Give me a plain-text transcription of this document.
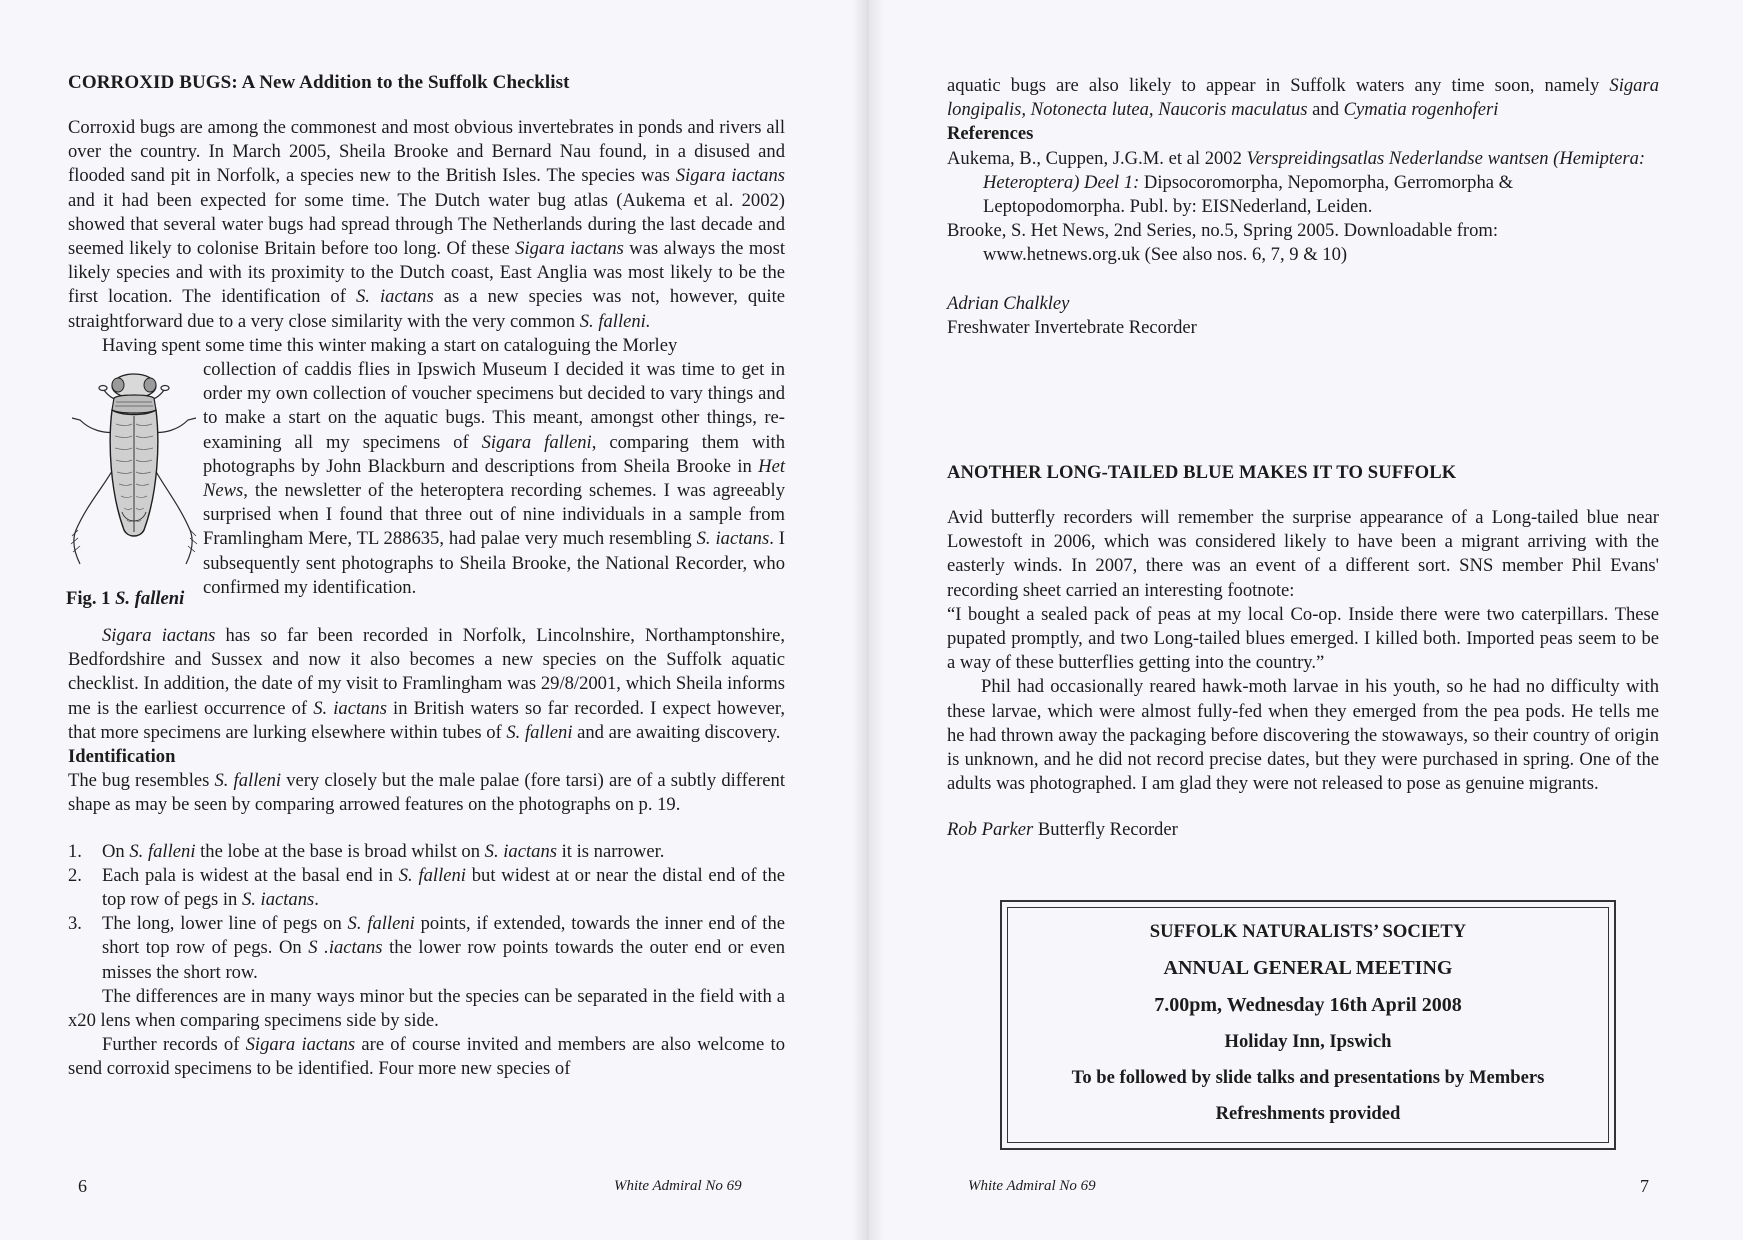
CORROXID BUGS: A New Addition to the Suffolk Checklist

Corroxid bugs are among the commonest and most obvious invertebrates in ponds and rivers all over the country. In March 2005, Sheila Brooke and Bernard Nau found, in a disused and flooded sand pit in Norfolk, a species new to the British Isles. The species was Sigara iactans and it had been expected for some time. The Dutch water bug atlas (Aukema et al. 2002) showed that several water bugs had spread through The Netherlands during the last decade and seemed likely to colonise Britain before too long. Of these Sigara iactans was always the most likely species and with its proximity to the Dutch coast, East Anglia was most likely to be the first location. The identification of S. iactans as a new species was not, however, quite straightforward due to a very close similarity with the very common S. falleni.

Having spent some time this winter making a start on cataloguing the Morley

Fig. 1 S. falleni

collection of caddis flies in Ipswich Museum I decided it was time to get in order my own collection of voucher specimens but decided to vary things and to make a start on the aquatic bugs. This meant, amongst other things, re-examining all my specimens of Sigara falleni, comparing them with photographs by John Blackburn and descriptions from Sheila Brooke in Het News, the newsletter of the heteroptera recording schemes. I was agreeably surprised when I found that three out of nine individuals in a sample from Framlingham Mere, TL 288635, had palae very much resembling S. iactans. I subsequently sent photographs to Sheila Brooke, the National Recorder, who confirmed my identification.

Sigara iactans has so far been recorded in Norfolk, Lincolnshire, Northamptonshire, Bedfordshire and Sussex and now it also becomes a new species on the Suffolk aquatic checklist. In addition, the date of my visit to Framlingham was 29/8/2001, which Sheila informs me is the earliest occurrence of S. iactans in British waters so far recorded. I expect however, that more specimens are lurking elsewhere within tubes of S. falleni and are awaiting discovery.

Identification

The bug resembles S. falleni very closely but the male palae (fore tarsi) are of a subtly different shape as may be seen by comparing arrowed features on the photographs on p. 19.

1. On S. falleni the lobe at the base is broad whilst on S. iactans it is narrower.
2. Each pala is widest at the basal end in S. falleni but widest at or near the distal end of the top row of pegs in S. iactans.
3. The long, lower line of pegs on S. falleni points, if extended, towards the inner end of the short top row of pegs. On S .iactans the lower row points towards the outer end or even misses the short row.

The differences are in many ways minor but the species can be separated in the field with a x20 lens when comparing specimens side by side.

Further records of Sigara iactans are of course invited and members are also welcome to send corroxid specimens to be identified. Four more new species of

6	White Admiral No 69

aquatic bugs are also likely to appear in Suffolk waters any time soon, namely Sigara longipalis, Notonecta lutea, Naucoris maculatus and Cymatia rogenhoferi

References

Aukema, B., Cuppen, J.G.M. et al 2002 Verspreidingsatlas Nederlandse wantsen (Hemiptera: Heteroptera) Deel 1: Dipsocoromorpha, Nepomorpha, Gerromorpha & Leptopodomorpha. Publ. by: EISNederland, Leiden.

Brooke, S. Het News, 2nd Series, no.5, Spring 2005. Downloadable from: www.hetnews.org.uk (See also nos. 6, 7, 9 & 10)

Adrian Chalkley

Freshwater Invertebrate Recorder

ANOTHER LONG-TAILED BLUE MAKES IT TO SUFFOLK

Avid butterfly recorders will remember the surprise appearance of a Long-tailed blue near Lowestoft in 2006, which was considered likely to have been a migrant arriving with the easterly winds. In 2007, there was an event of a different sort. SNS member Phil Evans' recording sheet carried an interesting footnote:

“I bought a sealed pack of peas at my local Co-op. Inside there were two caterpillars. These pupated promptly, and two Long-tailed blues emerged. I killed both. Imported peas seem to be a way of these butterflies getting into the country.”

Phil had occasionally reared hawk-moth larvae in his youth, so he had no difficulty with these larvae, which were almost fully-fed when they emerged from the pea pods. He tells me he had thrown away the packaging before discovering the stowaways, so their country of origin is unknown, and he did not record precise dates, but they were purchased in spring. One of the adults was photographed. I am glad they were not released to pose as genuine migrants.

Rob Parker Butterfly Recorder

White Admiral No 69	7
SUFFOLK NATURALISTS’ SOCIETY
ANNUAL GENERAL MEETING
7.00pm, Wednesday 16th April 2008
Holiday Inn, Ipswich
To be followed by slide talks and presentations by Members
Refreshments provided
